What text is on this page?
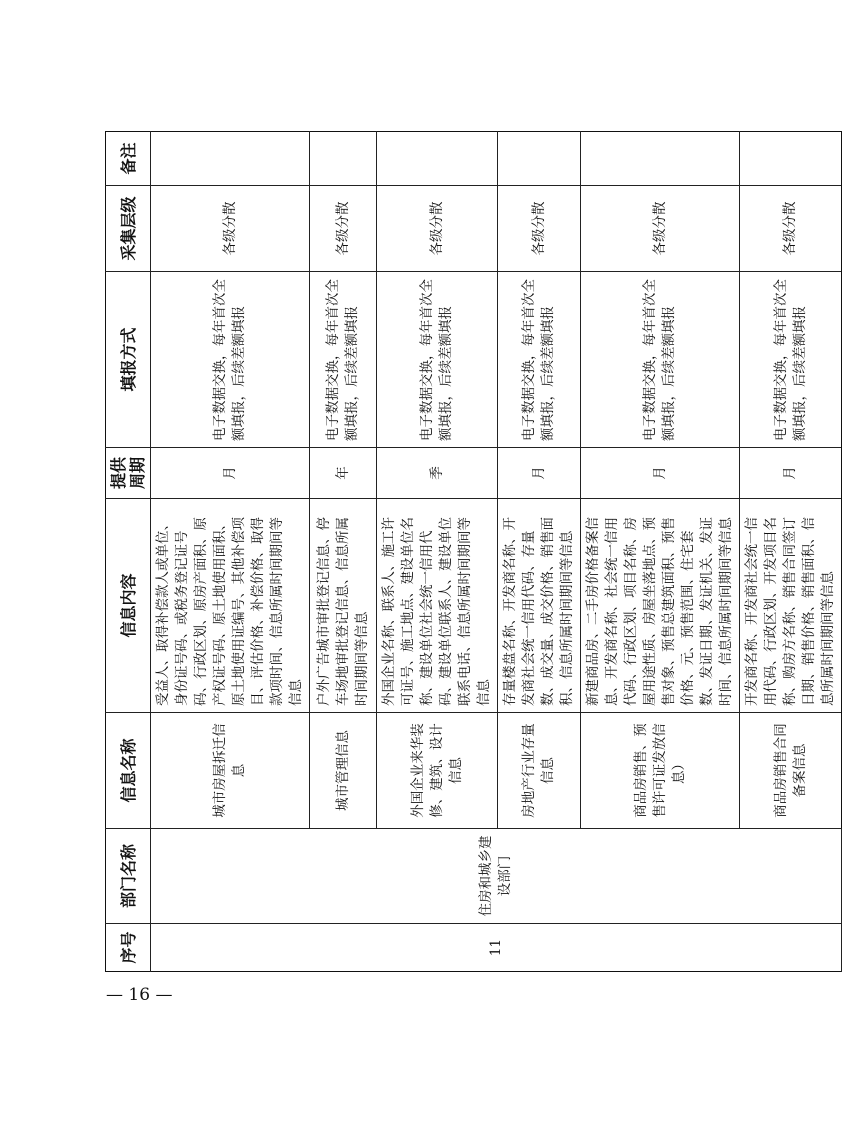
— 16 —
序号	部门名称	信息名称	信息内容	提供周期	填报方式	采集层级	备注
11	住房和城乡建设部门	城市房屋拆迁信息	受益人、取得补偿款人或单位、身份证号码、或税务登记证号码、行政区划、原房产面积、原产权证号码、原土地使用面积、原土地使用证编号、其他补偿项目、评估价格、补偿价格、取得款项时间、信息所属时间期间等信息	月	电子数据交换，每年首次全额填报，后续差额填报	各级分散	
		城市管理信息	户外广告城市审批登记信息、停车场地审批登记信息、信息所属时间期间等信息	年	电子数据交换，每年首次全额填报，后续差额填报	各级分散	
		外国企业来华装修、建筑、设计信息	外国企业名称、联系人、施工许可证号、施工地点、建设单位名称、建设单位社会统一信用代码、建设单位联系人、建设单位联系电话、信息所属时间期间等信息	季	电子数据交换，每年首次全额填报，后续差额填报	各级分散	
		房地产行业存量信息	存量楼盘名称、开发商名称、开发商社会统一信用代码、存量数、成交量、成交价格、销售面积、信息所属时间期间等信息	月	电子数据交换，每年首次全额填报，后续差额填报	各级分散	
		商品房销售、预售许可证发放信息）	新建商品房、二手房价格备案信息、开发商名称、社会统一信用代码、行政区划、项目名称、房屋用途性质、房屋坐落地点、预售对象、预售总建筑面积、预售价格、元、预售范围、住宅套数、发证日期、发证机关、发证时间、信息所属时间期间等信息	月	电子数据交换，每年首次全额填报，后续差额填报	各级分散	
		商品房销售合同备案信息	开发商名称、开发商社会统一信用代码、行政区划、开发项目名称、购房方名称、销售合同签订日期、销售价格、销售面积、信息所属时间期间等信息	月	电子数据交换，每年首次全额填报，后续差额填报	各级分散	
